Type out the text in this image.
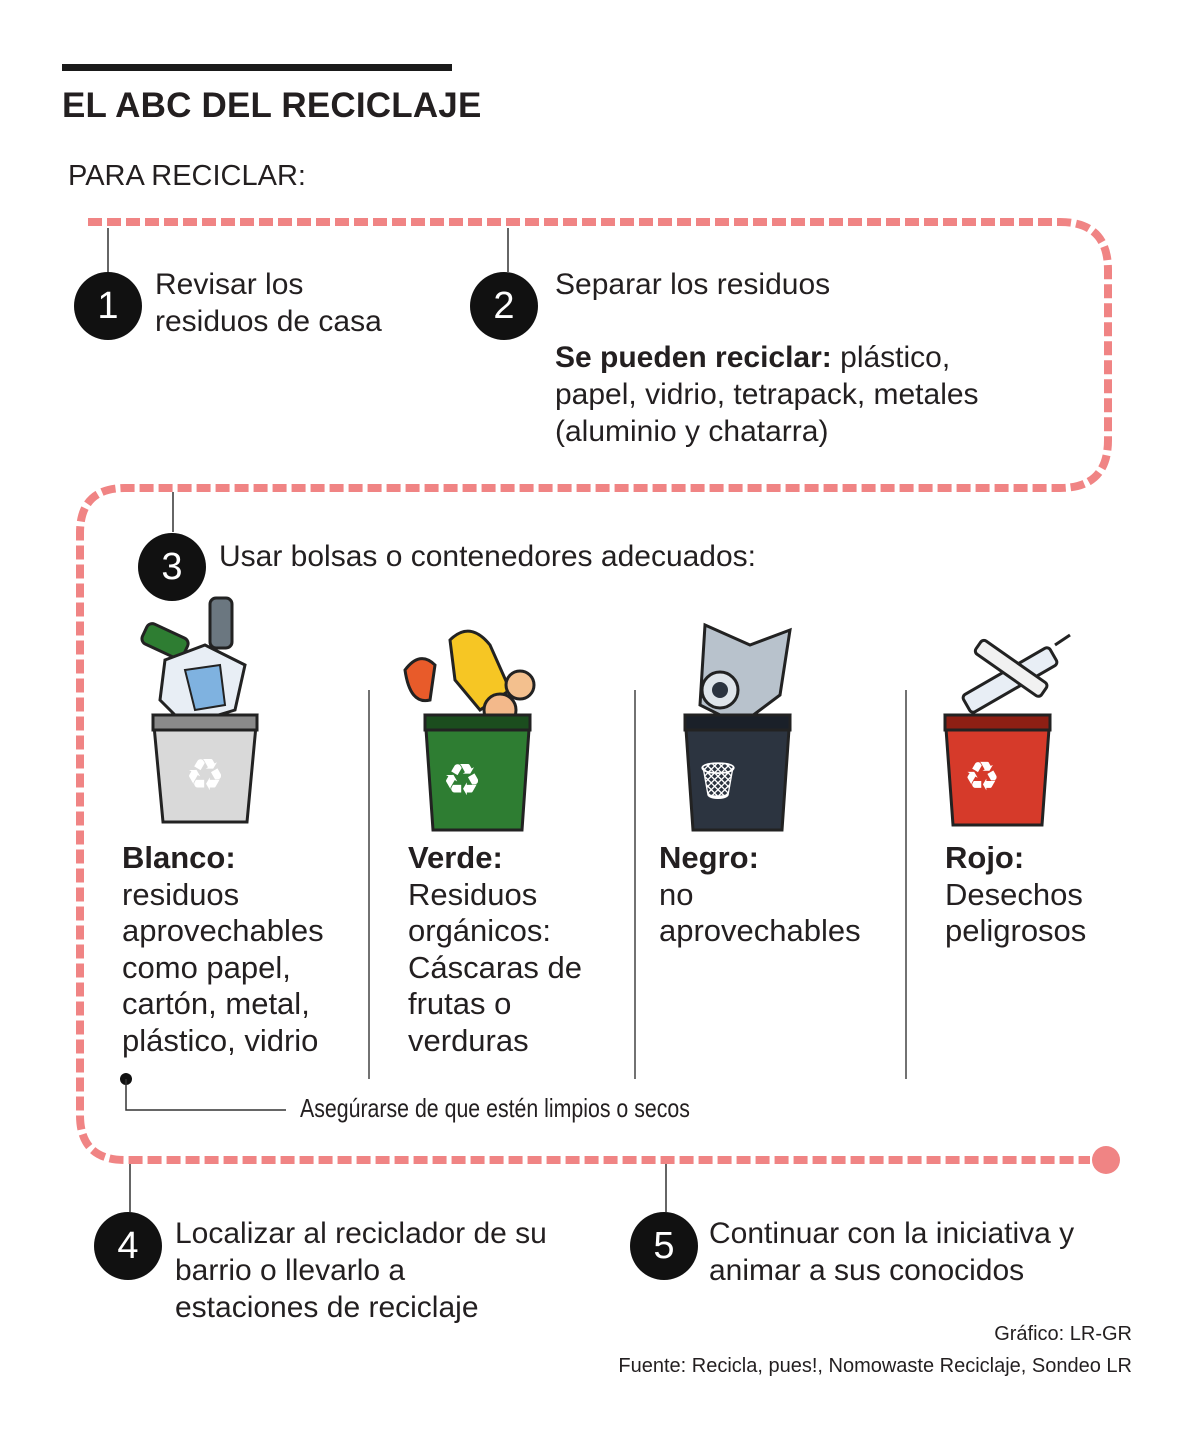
EL ABC DEL RECICLAJE
PARA RECICLAR:
1 Revisar los
residuos de casa	2 Separar los residuos
Se pueden reciclar: plástico,
papel, vidrio, tetrapack, metales
(aluminio y chatarra)
3 Usar bolsas o contenedores adecuados:
♻	♻	🗑	♻
Blanco:
residuos
aprovechables
como papel,
cartón, metal,
plástico, vidrio
Verde:
Residuos
orgánicos:
Cáscaras de
frutas o
verduras
Negro:
no
aprovechables
Rojo:
Desechos
peligrosos
Asegúrarse de que estén limpios o secos
4 Localizar al reciclador de su
barrio o llevarlo a
estaciones de reciclaje
5 Continuar con la iniciativa y
animar a sus conocidos
Gráfico: LR-GR
Fuente: Recicla, pues!, Nomowaste Reciclaje, Sondeo LR
